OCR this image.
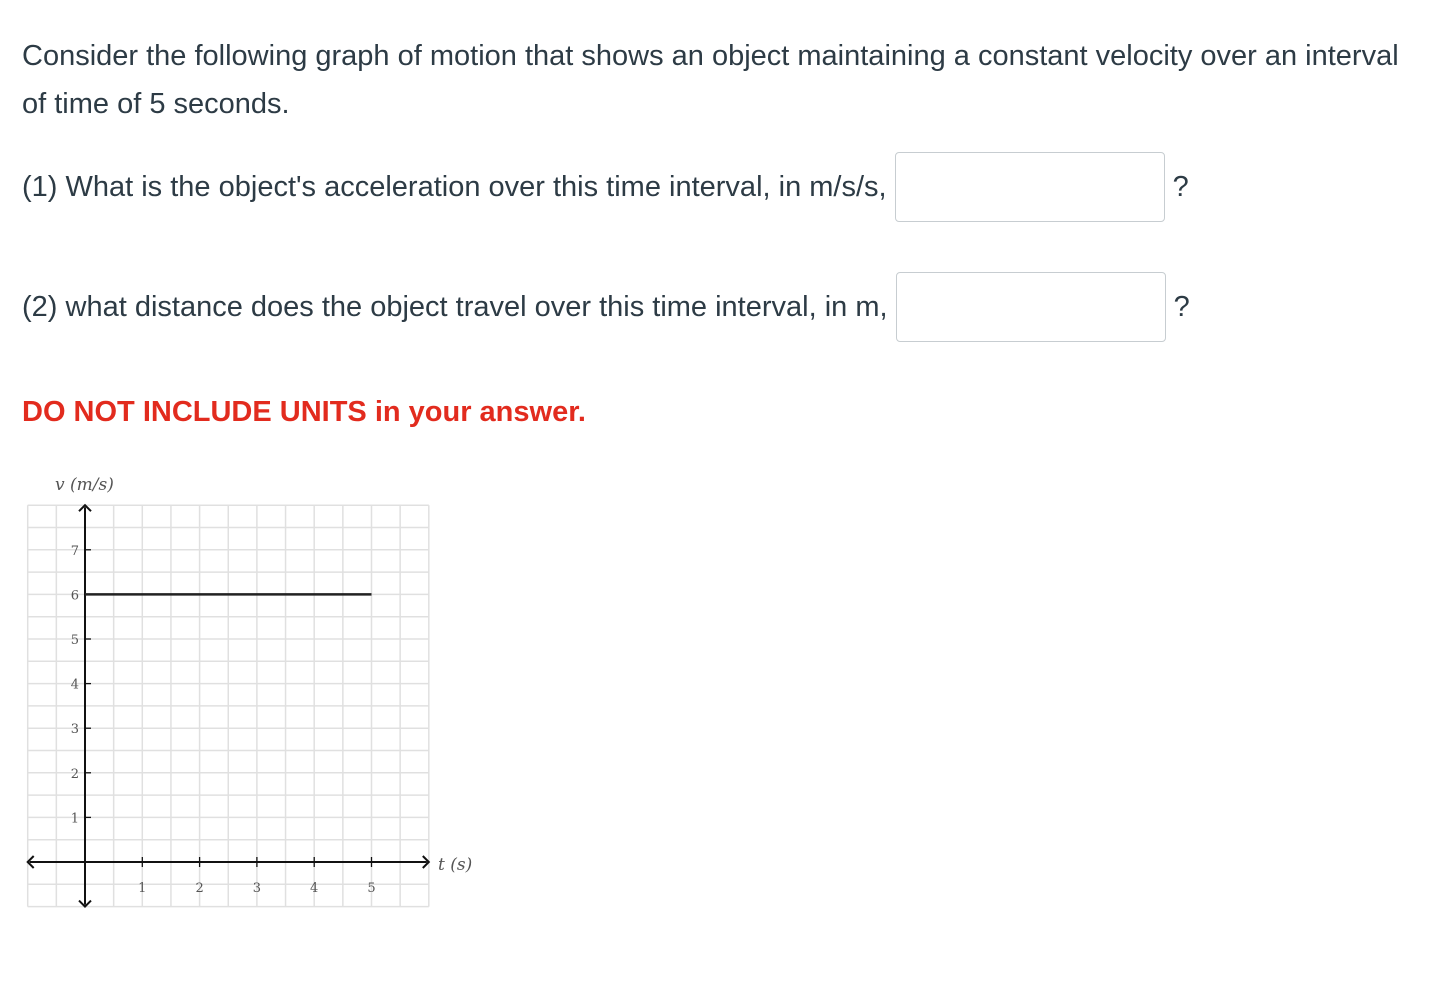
Consider the following graph of motion that shows an object maintaining a constant velocity over an interval of time of 5 seconds.

(1) What is the object's acceleration over this time interval, in m/s/s,	?
(2) what distance does the object travel over this time interval, in m,	?
DO NOT INCLUDE UNITS in your answer.
v (m/s)
t (s)
1	2	3	4	5
1
2
3
4
5
6
7
